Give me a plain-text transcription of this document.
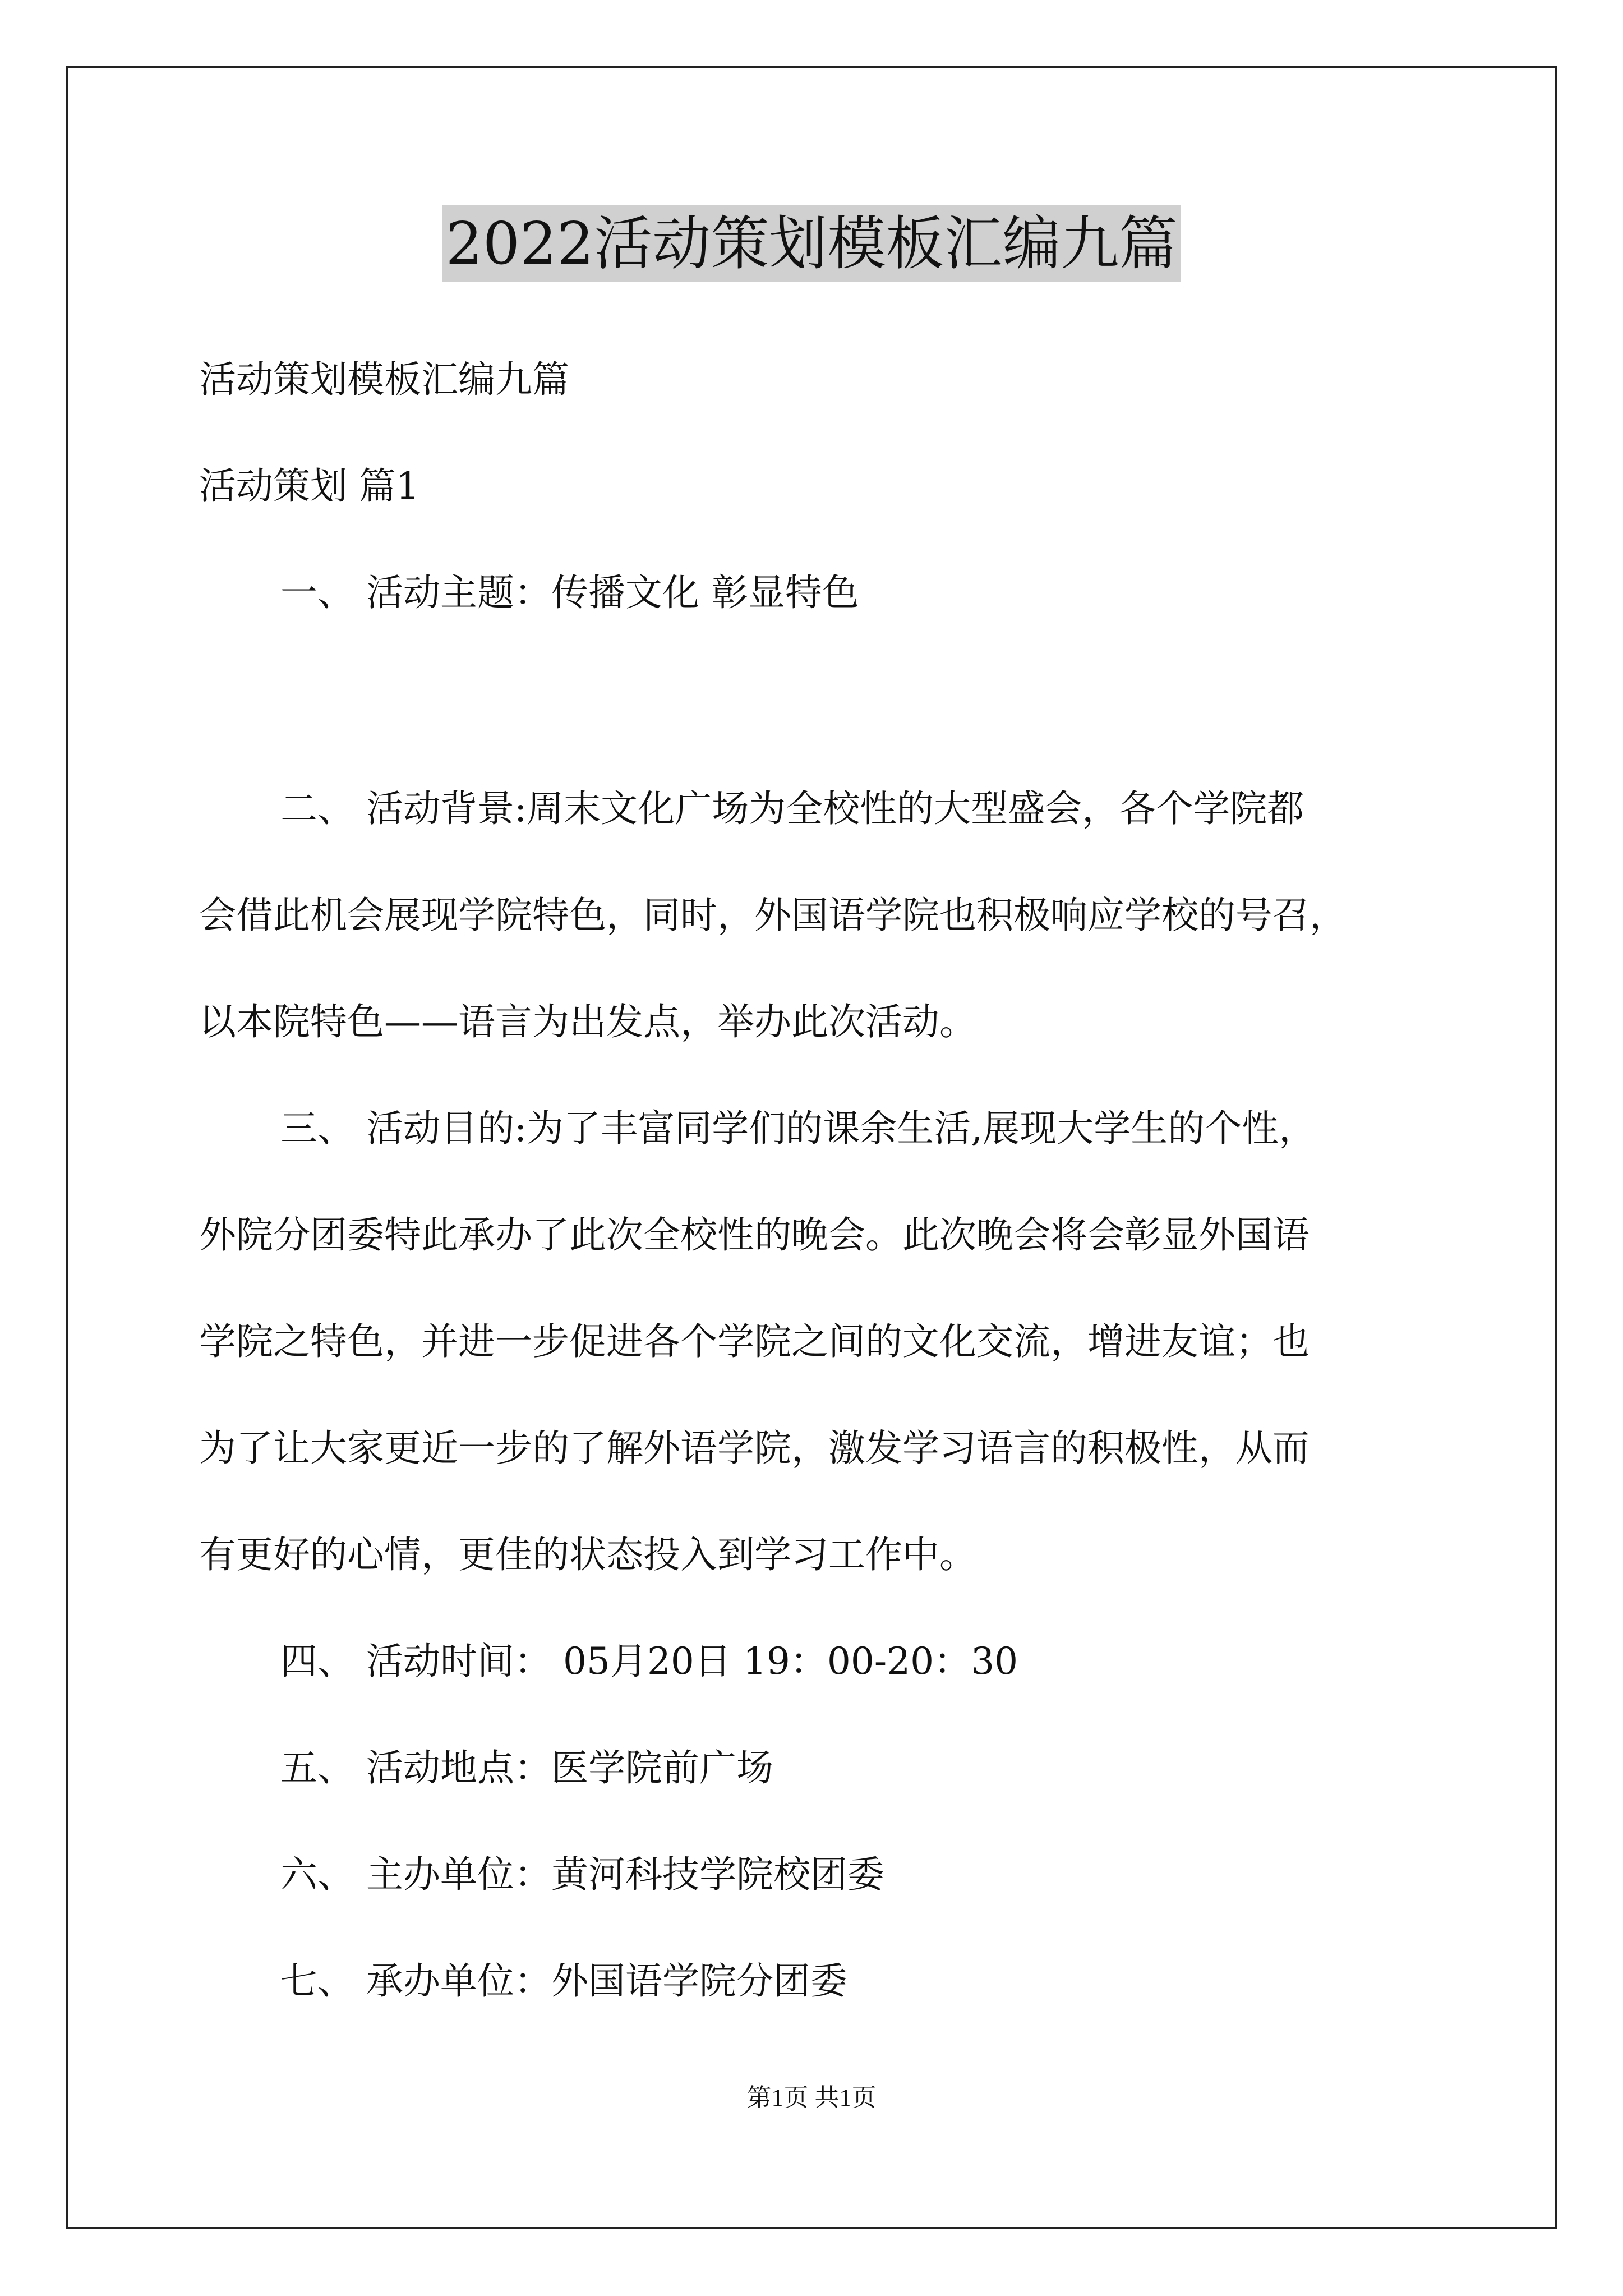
2022活动策划模板汇编九篇
活动策划模板汇编九篇
活动策划 篇1
一、 活动主题：传播文化 彰显特色
二、 活动背景:周末文化广场为全校性的大型盛会，各个学院都
会借此机会展现学院特色，同时，外国语学院也积极响应学校的号召，
以本院特色——语言为出发点，举办此次活动。
三、 活动目的:为了丰富同学们的课余生活,展现大学生的个性，
外院分团委特此承办了此次全校性的晚会。此次晚会将会彰显外国语
学院之特色，并进一步促进各个学院之间的文化交流，增进友谊；也
为了让大家更近一步的了解外语学院，激发学习语言的积极性，从而
有更好的心情，更佳的状态投入到学习工作中。
四、 活动时间： 05月20日 19：00-20：30
五、 活动地点：医学院前广场
六、 主办单位：黄河科技学院校团委
七、 承办单位：外国语学院分团委
第1页 共1页
